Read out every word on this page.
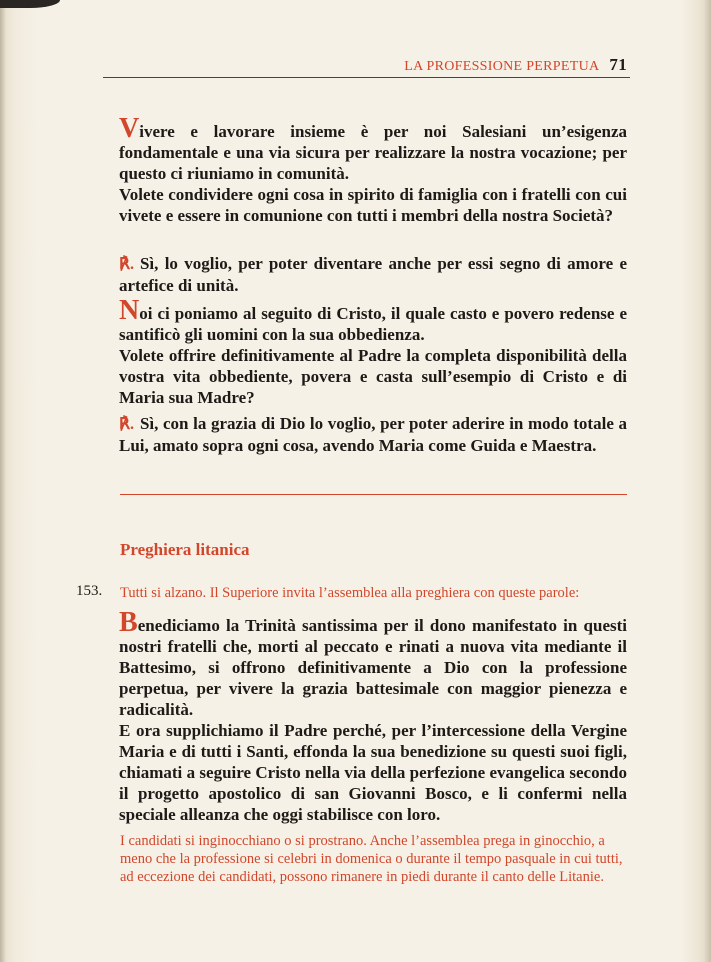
LA PROFESSIONE PERPETUA 71
Vivere e lavorare insieme è per noi Salesiani un’esigenza fondamentale e una via sicura per realizzare la nostra vocazione; per questo ci riuniamo in comunità.
Volete condividere ogni cosa in spirito di famiglia con i fratelli con cui vivete e essere in comunione con tutti i membri della nostra Società?
℟. Sì, lo voglio, per poter diventare anche per essi segno di amore e artefice di unità.
Noi ci poniamo al seguito di Cristo, il quale casto e povero redense e santificò gli uomini con la sua obbedienza.
Volete offrire definitivamente al Padre la completa disponibilità della vostra vita obbediente, povera e casta sull’esempio di Cristo e di Maria sua Madre?
℟. Sì, con la grazia di Dio lo voglio, per poter aderire in modo totale a Lui, amato sopra ogni cosa, avendo Maria come Guida e Maestra.
Preghiera litanica
153. Tutti si alzano. Il Superiore invita l’assemblea alla preghiera con queste parole:
Benediciamo la Trinità santissima per il dono manifestato in questi nostri fratelli che, morti al peccato e rinati a nuova vita mediante il Battesimo, si offrono definitivamente a Dio con la professione perpetua, per vivere la grazia battesimale con maggior pienezza e radicalità.
E ora supplichiamo il Padre perché, per l’intercessione della Vergine Maria e di tutti i Santi, effonda la sua benedizione su questi suoi figli, chiamati a seguire Cristo nella via della perfezione evangelica secondo il progetto apostolico di san Giovanni Bosco, e li confermi nella speciale alleanza che oggi stabilisce con loro.
I candidati si inginocchiano o si prostrano. Anche l’assemblea prega in ginocchio, a meno che la professione si celebri in domenica o durante il tempo pasquale in cui tutti, ad eccezione dei candidati, possono rimanere in piedi durante il canto delle Litanie.
